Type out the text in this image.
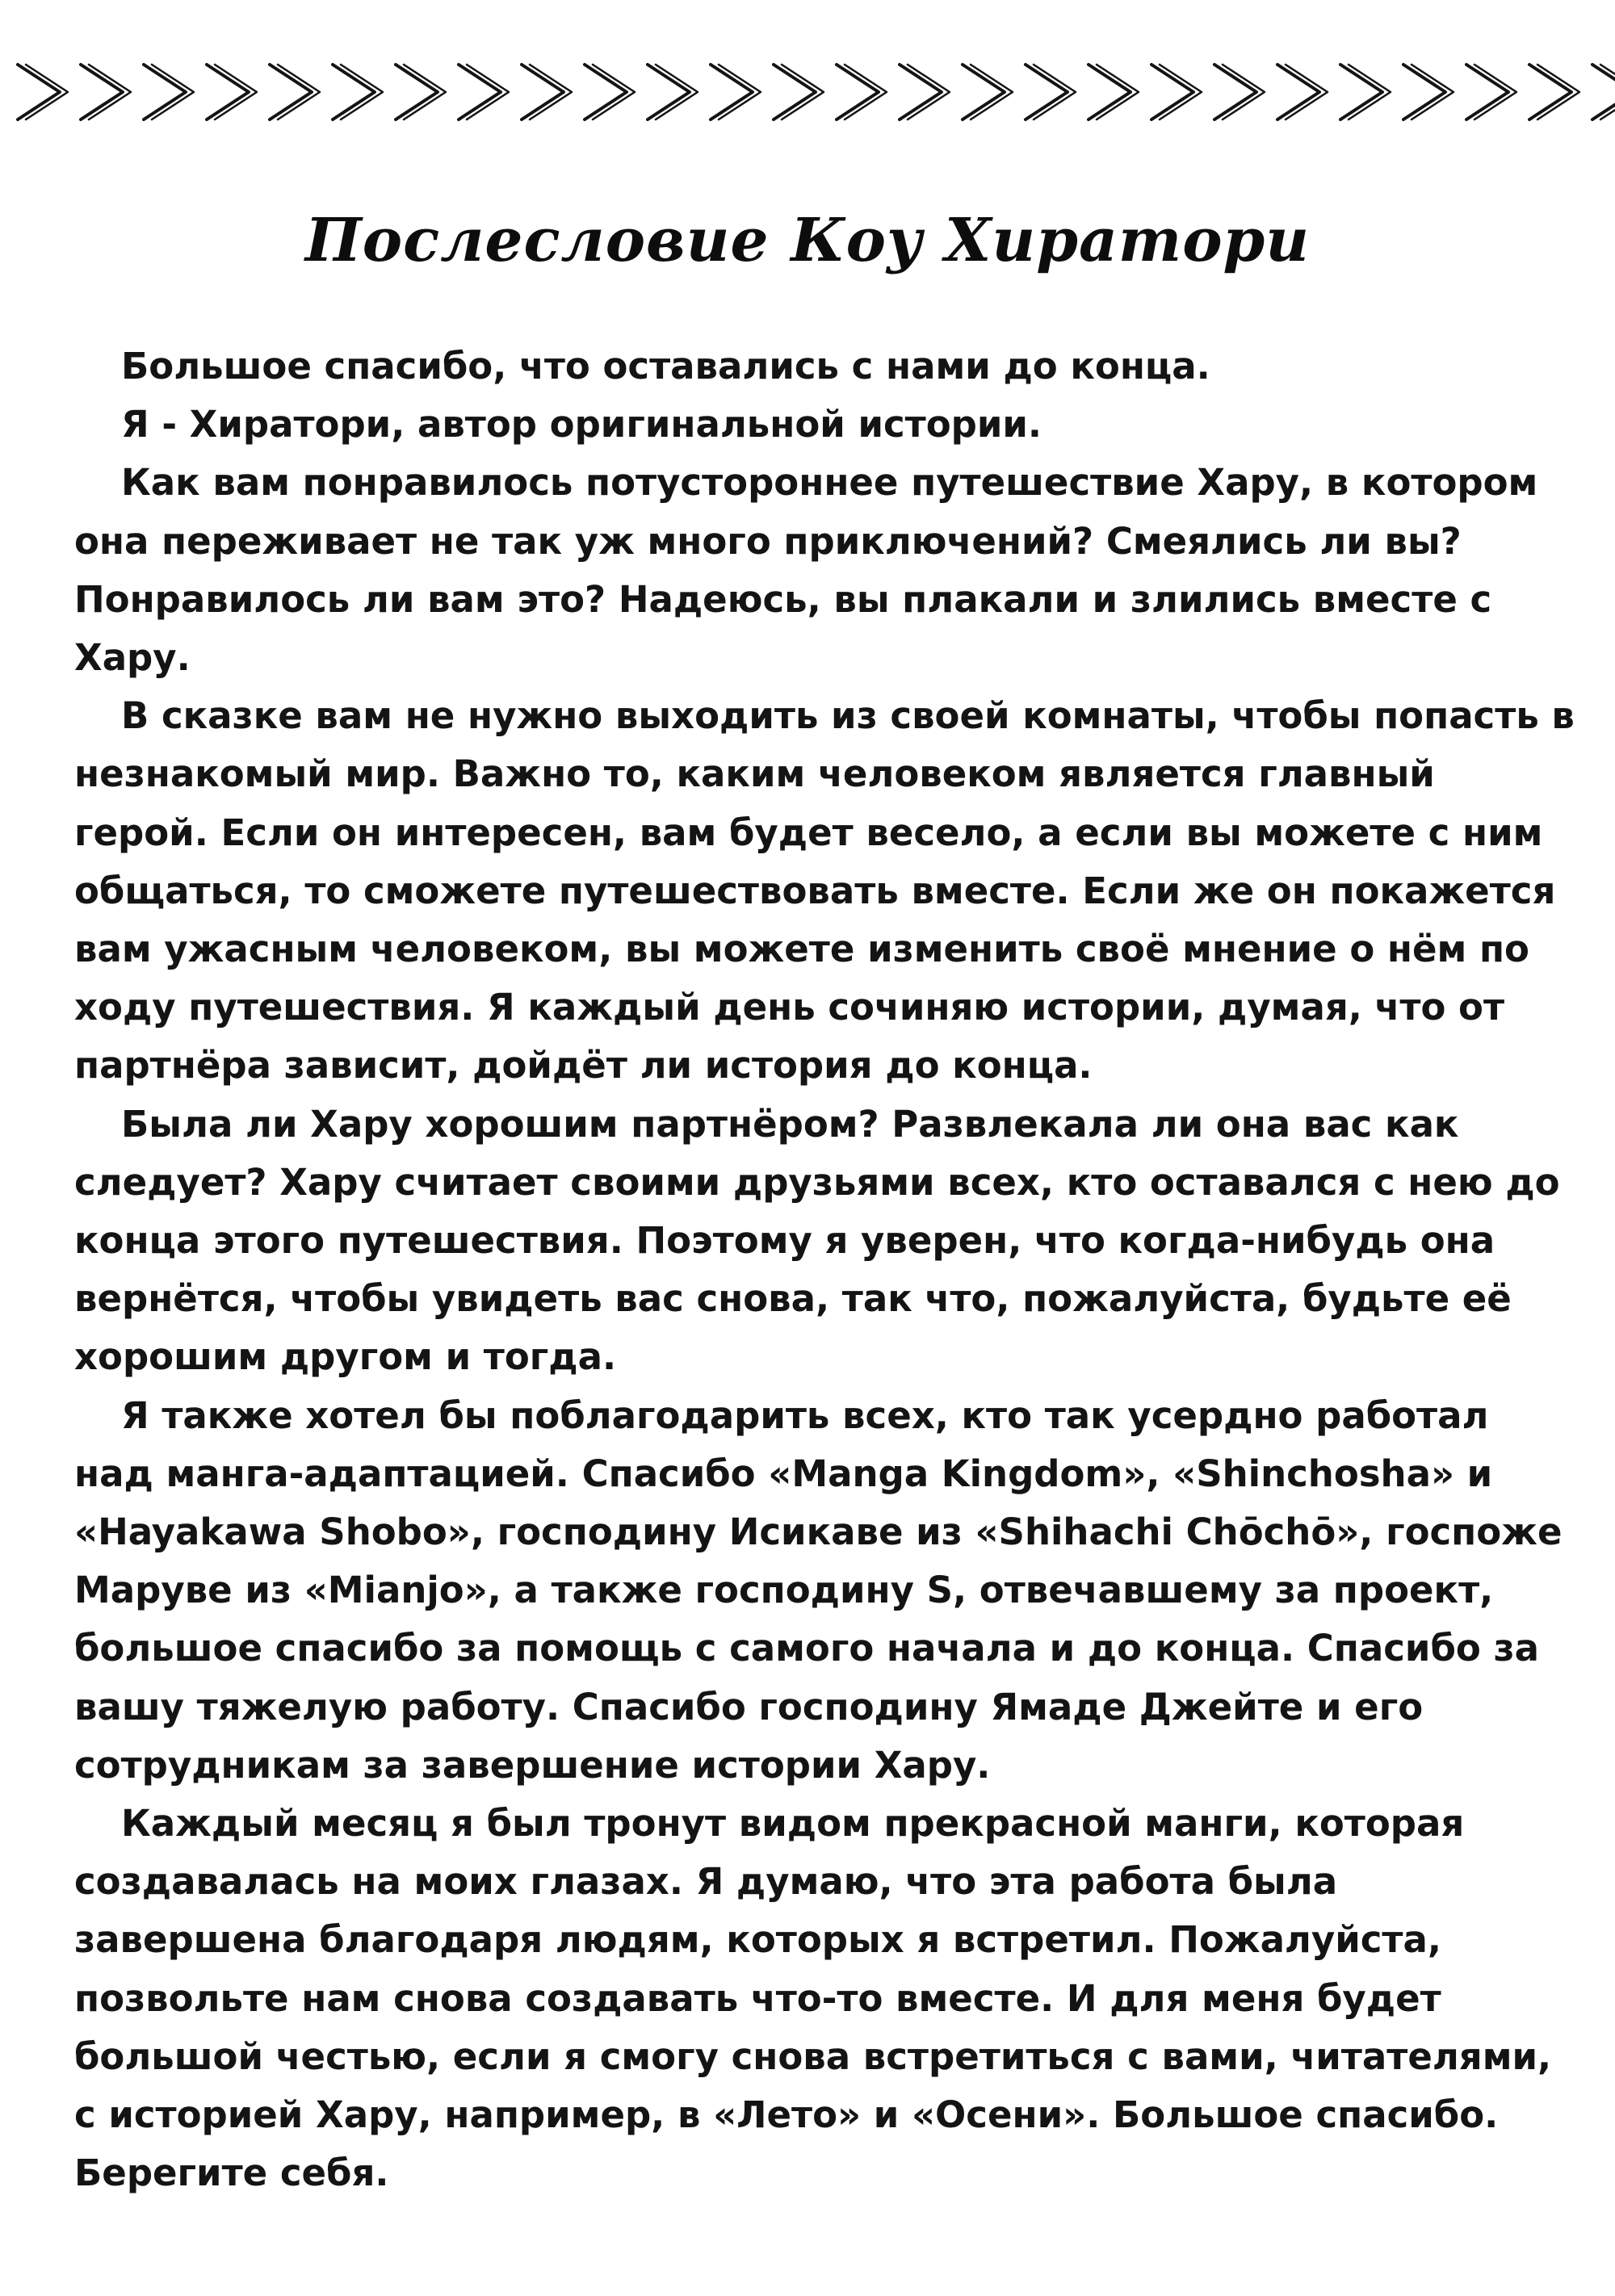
Послесловие Коу Хиратори

Большое спасибо, что оставались с нами до конца.

Я - Хиратори, автор оригинальной истории.

Как вам понравилось потустороннее путешествие Хару, в котором она переживает не так уж много приключений? Смеялись ли вы? Понравилось ли вам это? Надеюсь, вы плакали и злились вместе с Хару.

В сказке вам не нужно выходить из своей комнаты, чтобы попасть в незнакомый мир. Важно то, каким человеком является главный герой. Если он интересен, вам будет весело, а если вы можете с ним общаться, то сможете путешествовать вместе. Если же он покажется вам ужасным человеком, вы можете изменить своё мнение о нём по ходу путешествия. Я каждый день сочиняю истории, думая, что от партнёра зависит, дойдёт ли история до конца.

Была ли Хару хорошим партнёром? Развлекала ли она вас как следует? Хару считает своими друзьями всех, кто оставался с нею до конца этого путешествия. Поэтому я уверен, что когда-нибудь она вернётся, чтобы увидеть вас снова, так что, пожалуйста, будьте её хорошим другом и тогда.

Я также хотел бы поблагодарить всех, кто так усердно работал над манга-адаптацией. Спасибо «Manga Kingdom», «Shinchosha» и «Hayakawa Shobo», господину Исикаве из «Shihachi Chōchō», госпоже Маруве из «Mianjo», а также господину S, отвечавшему за проект, большое спасибо за помощь с самого начала и до конца. Спасибо за вашу тяжелую работу. Спасибо господину Ямаде Джейте и его сотрудникам за завершение истории Хару.

Каждый месяц я был тронут видом прекрасной манги, которая создавалась на моих глазах. Я думаю, что эта работа была завершена благодаря людям, которых я встретил. Пожалуйста, позвольте нам снова создавать что-то вместе. И для меня будет большой честью, если я смогу снова встретиться с вами, читателями, с историей Хару, например, в «Лето» и «Осени». Большое спасибо. Берегите себя.
